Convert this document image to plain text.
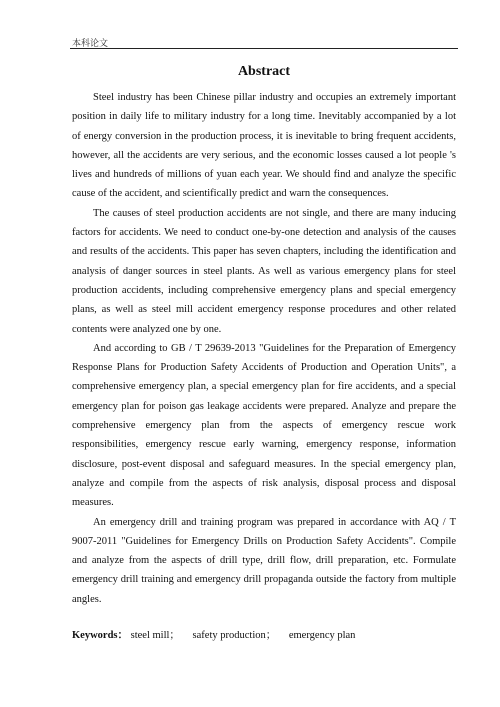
本科论文
Abstract

Steel industry has been Chinese pillar industry and occupies an extremely important position in daily life to military industry for a long time. Inevitably accompanied by a lot of energy conversion in the production process, it is inevitable to bring frequent accidents, however, all the accidents are very serious, and the economic losses caused a lot people 's lives and hundreds of millions of yuan each year. We should find and analyze the specific cause of the accident, and scientifically predict and warn the consequences.

The causes of steel production accidents are not single, and there are many inducing factors for accidents. We need to conduct one-by-one detection and analysis of the causes and results of the accidents. This paper has seven chapters, including the identification and analysis of danger sources in steel plants. As well as various emergency plans for steel production accidents, including comprehensive emergency plans and special emergency plans, as well as steel mill accident emergency response procedures and other related contents were analyzed one by one.

And according to GB / T 29639-2013 "Guidelines for the Preparation of Emergency Response Plans for Production Safety Accidents of Production and Operation Units", a comprehensive emergency plan, a special emergency plan for fire accidents, and a special emergency plan for poison gas leakage accidents were prepared. Analyze and prepare the comprehensive emergency plan from the aspects of emergency rescue work responsibilities, emergency rescue early warning, emergency response, information disclosure, post-event disposal and safeguard measures. In the special emergency plan, analyze and compile from the aspects of risk analysis, disposal process and disposal measures.

An emergency drill and training program was prepared in accordance with AQ / T 9007-2011 "Guidelines for Emergency Drills on Production Safety Accidents". Compile and analyze from the aspects of drill type, drill flow, drill preparation, etc. Formulate emergency drill training and emergency drill propaganda outside the factory from multiple angles.

Keywords： steel mill； safety production； emergency plan
